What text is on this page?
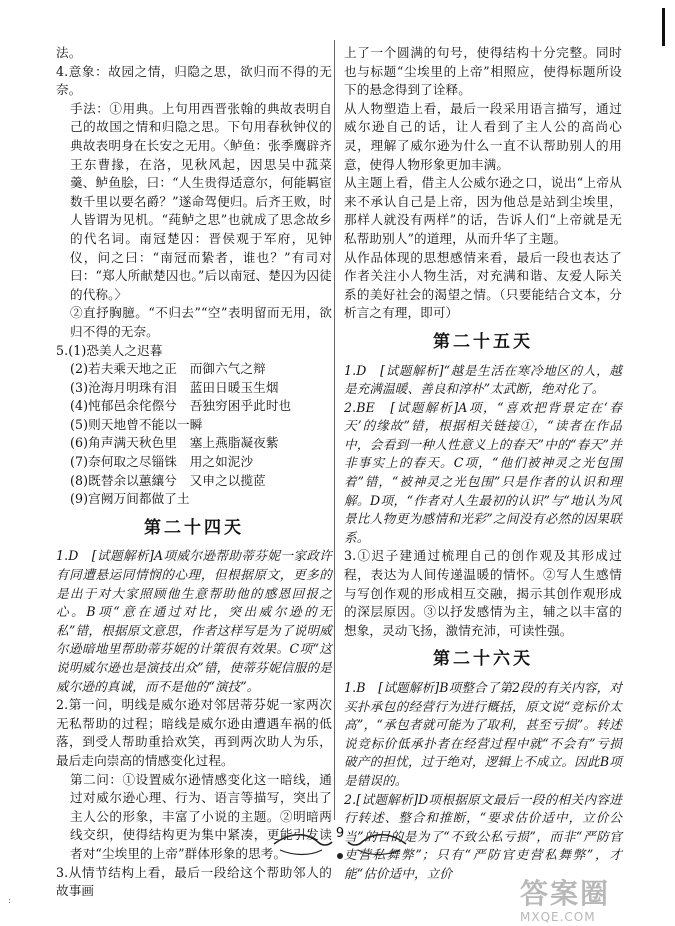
法。

4.意象：故园之情，归隐之思，欲归而不得的无奈。

手法：①用典。上句用西晋张翰的典故表明自己的故国之情和归隐之思。下句用春秋钟仪的典故表明身在长安之无用。〈鲈鱼：张季鹰辟齐王东曹掾，在洛，见秋风起，因思吴中菰菜羹、鲈鱼脍，曰：“人生贵得适意尔，何能羁宦数千里以要名爵？”遂命驾便归。后齐王败，时人皆谓为见机。“莼鲈之思”也就成了思念故乡的代名词。南冠楚囚：晋侯观于军府，见钟仪，问之曰：“南冠而絷者，谁也？”有司对曰：“郑人所献楚囚也。”后以南冠、楚囚为囚徒的代称。〉

②直抒胸臆。“不归去”“空”表明留而无用，欲归不得的无奈。

5.(1)恐美人之迟暮

(2)若夫乘天地之正　而御六气之辩

(3)沧海月明珠有泪　蓝田日暖玉生烟

(4)忳郁邑余侘傺兮　吾独穷困乎此时也

(5)则天地曾不能以一瞬

(6)角声满天秋色里　塞上燕脂凝夜紫

(7)奈何取之尽锱铢　用之如泥沙

(8)既替余以蕙纕兮　又申之以揽茝

(9)宫阙万间都做了土

第二十四天

1.D　[试题解析]A项威尔逊帮助蒂芬妮一家政许有同遭悬运同情悯的心理，但根据原文，更多的是出于对大家照顾他生意帮助他的感恩回报之心。B项“意在通过对比，突出威尔逊的无私”错，根据原文意思，作者这样写是为了说明威尔逊暗地里帮助蒂芬妮的计策很有效果。C项“这说明威尔逊也是演技出众”错，使蒂芬妮信服的是威尔逊的真诚，而不是他的“演技”。

2.第一问，明线是威尔逊对邻居蒂芬妮一家两次无私帮助的过程；暗线是威尔逊由遭遇车祸的低落，到受人帮助重拾欢笑，再到两次助人为乐，最后走向崇高的情感变化过程。

第二问：①设置威尔逊情感变化这一暗线，通过对威尔逊心理、行为、语言等描写，突出了主人公的形象，丰富了小说的主题。②明暗两线交织，使得结构更为集中紧凑，更能引发读者对“尘埃里的上帝”群体形象的思考。

3.从情节结构上看，最后一段给这个帮助邻人的故事画

上了一个圆满的句号，使得结构十分完整。同时也与标题“尘埃里的上帝”相照应，使得标题所设下的悬念得到了诠释。

从人物塑造上看，最后一段采用语言描写，通过威尔逊自己的话，让人看到了主人公的高尚心灵，理解了威尔逊为什么一直不认帮助别人的用意，使得人物形象更加丰满。

从主题上看，借主人公威尔逊之口，说出“上帝从来不承认自己是上帝，因为他总是站到尘埃里，那样人就没有两样”的话，告诉人们“上帝就是无私帮助别人”的道理，从而升华了主题。

从作品体现的思想感情来看，最后一段也表达了作者关注小人物生活，对充满和谐、友爱人际关系的美好社会的渴望之情。（只要能结合文本，分析言之有理，即可）

第二十五天

1.D　[试题解析]“越是生活在寒冷地区的人，越是充满温暖、善良和淳朴”太武断，绝对化了。

2.BE　[试题解析]A项，“喜欢把背景定在‘春天’的缘故”错，根据相关链接①，“读者在作品中，会看到一种人性意义上的春天”中的“春天”并非事实上的春天。C项，“他们被神灵之光包围着”错，“被神灵之光包围”只是作者的认识和理解。D项，“作者对人生最初的认识”与“地认为风景比人物更为感情和光彩”之间没有必然的因果联系。

3.①迟子建通过梳理自己的创作观及其形成过程，表达为人间传递温暖的情怀。②写人生感情与写创作观的形成相互交融，揭示其创作观形成的深层原因。③以抒发感情为主，辅之以丰富的想象，灵动飞扬，激情充沛，可读性强。

第二十六天

1.B　[试题解析]B项整合了第2段的有关内容，对买扑承包的经营行为进行概括，原文说“竞标价太高”，“承包者就可能为了取利，甚至亏损”。转述说竞标价低承扑者在经营过程中就“不会有”亏损破产的担忧，过于绝对，逻辑上不成立。因此B项是错误的。

2.[试题解析]D项根据原文最后一段的相关内容进行转述、整合和推断，“要求估价适中，立价公当”的目的是为了“不致公私亏损”，而非“严防官吏营私舞弊”；只有“严防官吏营私舞弊”，才能“估价适中，立价

9
答案圈
MXQE.COM
:
